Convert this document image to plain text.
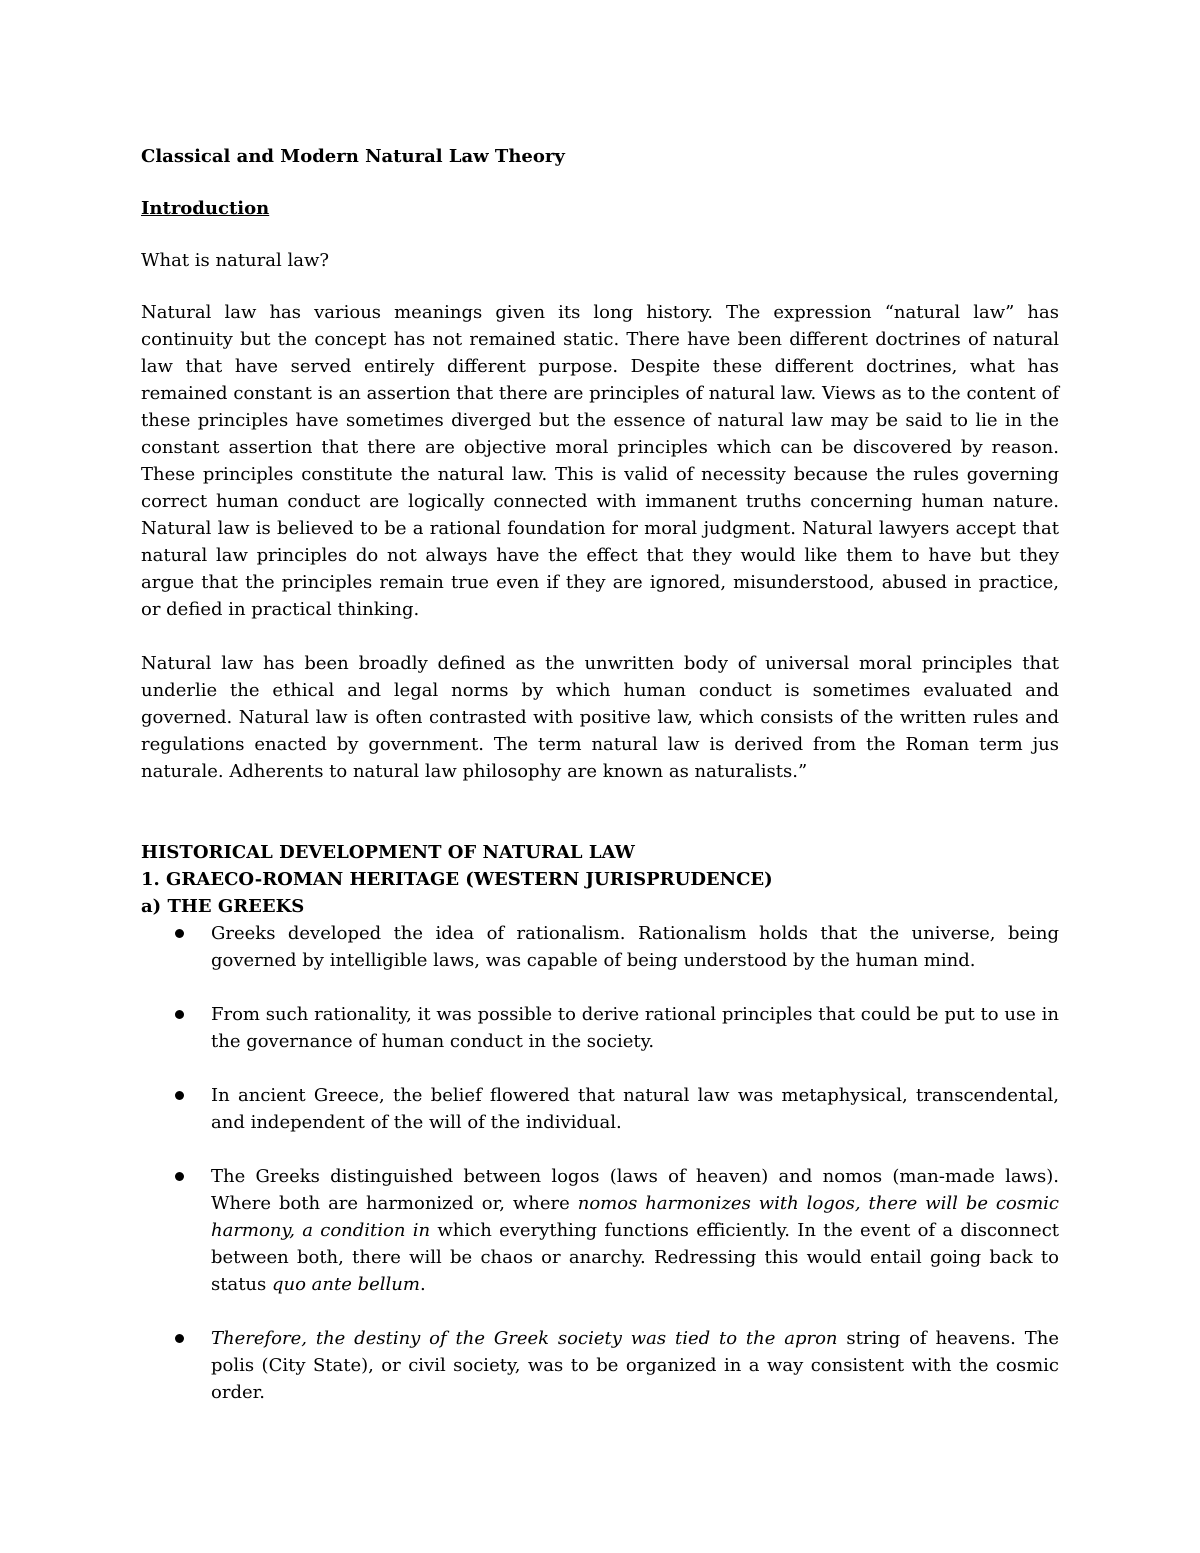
Classical and Modern Natural Law Theory

Introduction

What is natural law?

Natural law has various meanings given its long history. The expression “natural law” has continuity but the concept has not remained static. There have been different doctrines of natural law that have served entirely different purpose. Despite these different doctrines, what has remained constant is an assertion that there are principles of natural law. Views as to the content of these principles have sometimes diverged but the essence of natural law may be said to lie in the constant assertion that there are objective moral principles which can be discovered by reason. These principles constitute the natural law. This is valid of necessity because the rules governing correct human conduct are logically connected with immanent truths concerning human nature. Natural law is believed to be a rational foundation for moral judgment. Natural lawyers accept that natural law principles do not always have the effect that they would like them to have but they argue that the principles remain true even if they are ignored, misunderstood, abused in practice, or defied in practical thinking.

Natural law has been broadly defined as the unwritten body of universal moral principles that underlie the ethical and legal norms by which human conduct is sometimes evaluated and governed. Natural law is often contrasted with positive law, which consists of the written rules and regulations enacted by government. The term natural law is derived from the Roman term jus naturale. Adherents to natural law philosophy are known as naturalists.”

HISTORICAL DEVELOPMENT OF NATURAL LAW

1. GRAECO-ROMAN HERITAGE (WESTERN JURISPRUDENCE)

a) THE GREEKS

Greeks developed the idea of rationalism. Rationalism holds that the universe, being governed by intelligible laws, was capable of being understood by the human mind.
From such rationality, it was possible to derive rational principles that could be put to use in the governance of human conduct in the society.
In ancient Greece, the belief flowered that natural law was metaphysical, transcendental, and independent of the will of the individual.
The Greeks distinguished between logos (laws of heaven) and nomos (man-made laws). Where both are harmonized or, where nomos harmonizes with logos, there will be cosmic harmony, a condition in which everything functions efficiently. In the event of a disconnect between both, there will be chaos or anarchy. Redressing this would entail going back to status quo ante bellum.
Therefore, the destiny of the Greek society was tied to the apron string of heavens. The polis (City State), or civil society, was to be organized in a way consistent with the cosmic order.
